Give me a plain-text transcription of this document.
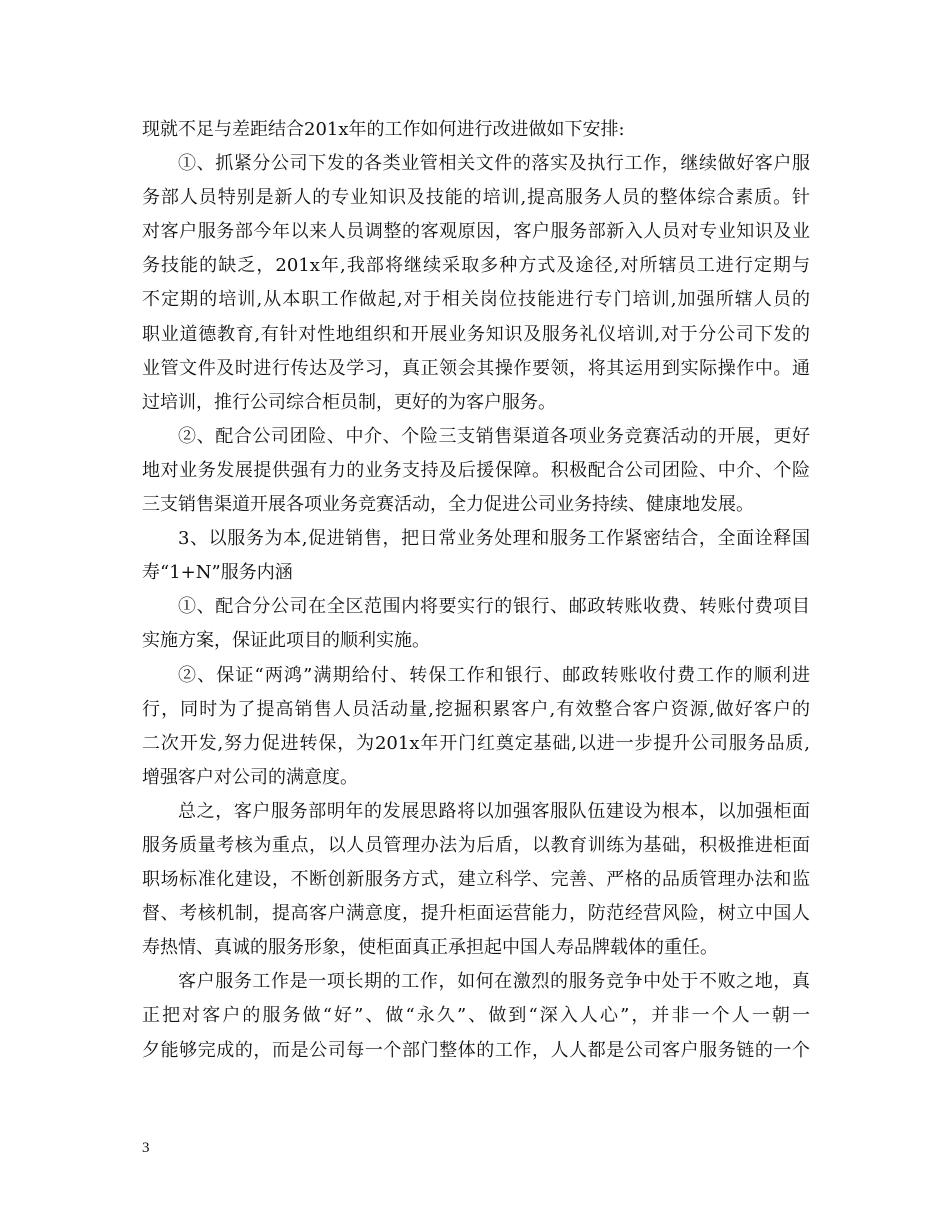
现就不足与差距结合201x年的工作如何进行改进做如下安排:
①、抓紧分公司下发的各类业管相关文件的落实及执行工作，继续做好客户服
务部人员特别是新人的专业知识及技能的培训,提高服务人员的整体综合素质。针
对客户服务部今年以来人员调整的客观原因，客户服务部新入人员对专业知识及业
务技能的缺乏，201x年,我部将继续采取多种方式及途径,对所辖员工进行定期与
不定期的培训,从本职工作做起,对于相关岗位技能进行专门培训,加强所辖人员的
职业道德教育,有针对性地组织和开展业务知识及服务礼仪培训,对于分公司下发的
业管文件及时进行传达及学习，真正领会其操作要领，将其运用到实际操作中。通
过培训，推行公司综合柜员制，更好的为客户服务。
②、配合公司团险、中介、个险三支销售渠道各项业务竞赛活动的开展，更好
地对业务发展提供强有力的业务支持及后援保障。积极配合公司团险、中介、个险
三支销售渠道开展各项业务竞赛活动，全力促进公司业务持续、健康地发展。
3、以服务为本,促进销售，把日常业务处理和服务工作紧密结合，全面诠释国
寿“1+N”服务内涵
①、配合分公司在全区范围内将要实行的银行、邮政转账收费、转账付费项目
实施方案，保证此项目的顺利实施。
②、保证“两鸿”满期给付、转保工作和银行、邮政转账收付费工作的顺利进
行，同时为了提高销售人员活动量,挖掘积累客户,有效整合客户资源,做好客户的
二次开发,努力促进转保，为201x年开门红奠定基础,以进一步提升公司服务品质,
增强客户对公司的满意度。
总之，客户服务部明年的发展思路将以加强客服队伍建设为根本，以加强柜面
服务质量考核为重点，以人员管理办法为后盾，以教育训练为基础，积极推进柜面
职场标准化建设，不断创新服务方式，建立科学、完善、严格的品质管理办法和监
督、考核机制，提高客户满意度，提升柜面运营能力，防范经营风险，树立中国人
寿热情、真诚的服务形象，使柜面真正承担起中国人寿品牌载体的重任。
客户服务工作是一项长期的工作，如何在激烈的服务竞争中处于不败之地，真
正把对客户的服务做“好”、做“永久”、做到“深入人心”，并非一个人一朝一
夕能够完成的，而是公司每一个部门整体的工作，人人都是公司客户服务链的一个
3
